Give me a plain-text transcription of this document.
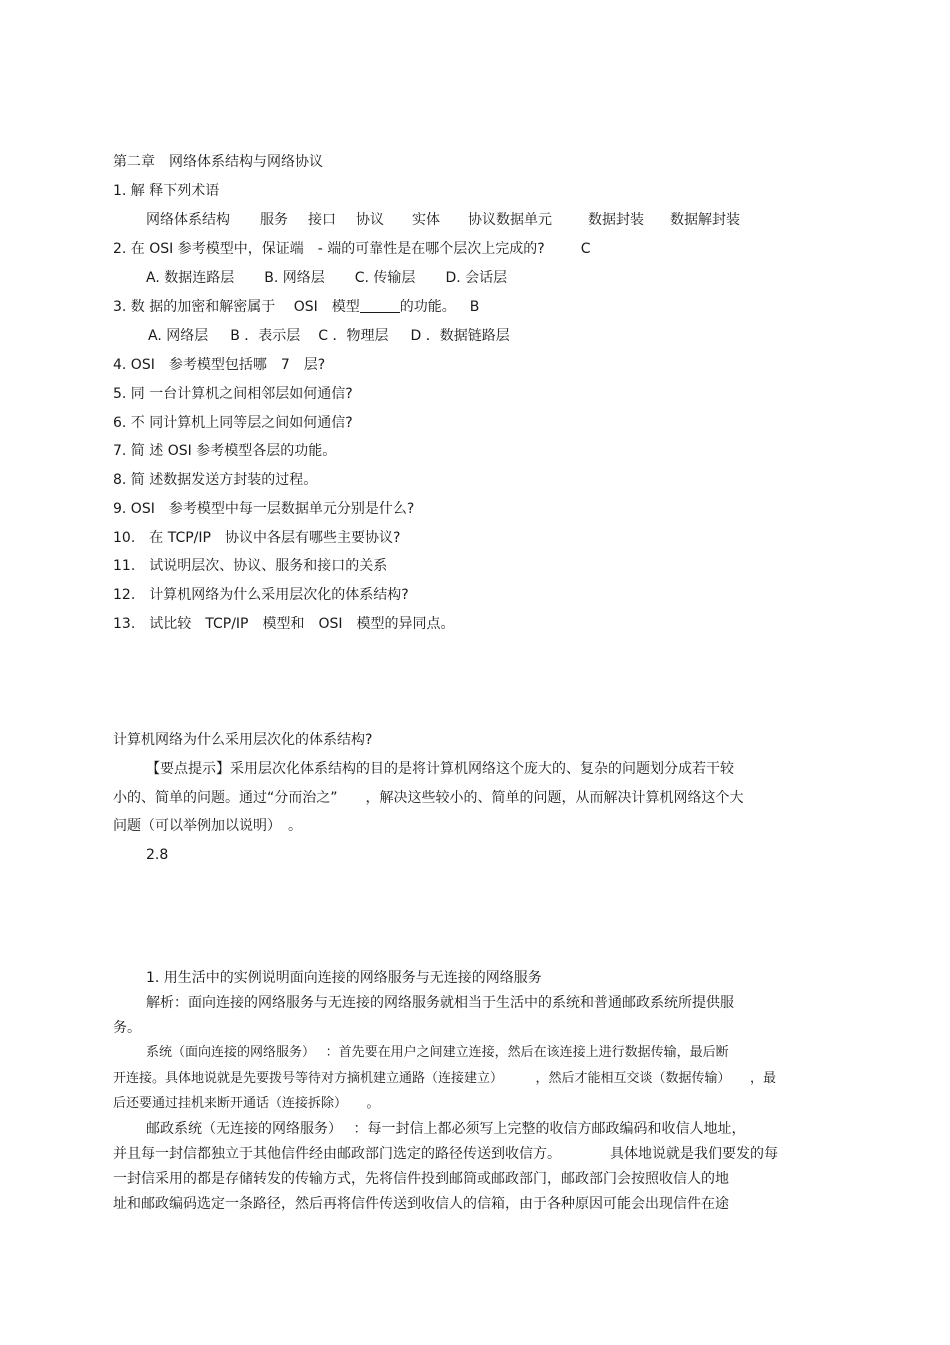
第二章　网络体系结构与网络协议
1. 解 释下列术语
网络体系结构 服务 接口 协议 实体 协议数据单元	数据封装 数据解封装
2. 在 OSI 参考模型中，保证端　- 端的可靠性是在哪个层次上完成的?	C
A. 数据连路层 B. 网络层 C. 传输层 D. 会话层
3. 数 据的加密和解密属于　 OSI　模型	的功能。 B
A. 网络层 B ．表示层 C ．物理层 D ．数据链路层
4. OSI　参考模型包括哪　7　层?
5. 同 一台计算机之间相邻层如何通信?
6. 不 同计算机上同等层之间如何通信?
7. 简 述 OSI 参考模型各层的功能。
8. 简 述数据发送方封装的过程。
9. OSI　参考模型中每一层数据单元分别是什么?
10.　在 TCP/IP　协议中各层有哪些主要协议?
11.　试说明层次、协议、服务和接口的关系
12.　计算机网络为什么采用层次化的体系结构?
13.　试比较　TCP/IP　模型和　OSI　模型的异同点。
计算机网络为什么采用层次化的体系结构?
【要点提示】采用层次化体系结构的目的是将计算机网络这个庞大的、复杂的问题划分成若干较
小的、简单的问题。通过“分而治之”　　，解决这些较小的、简单的问题，从而解决计算机网络这个大
问题（可以举例加以说明）　。
2.8
1. 用生活中的实例说明面向连接的网络服务与无连接的网络服务
解析：面向连接的网络服务与无连接的网络服务就相当于生活中的系统和普通邮政系统所提供服
务。
系统（面向连接的网络服务）　 ：首先要在用户之间建立连接，然后在该连接上进行数据传输，最后断
开连接。具体地说就是先要拨号等待对方摘机建立通路（连接建立）　　　，然后才能相互交谈（数据传输）　　，最
后还要通过挂机来断开通话（连接拆除）　　。
邮政系统（无连接的网络服务）　 ：每一封信上都必须写上完整的收信方邮政编码和收信人地址，
并且每一封信都独立于其他信件经由邮政部门选定的路径传送到收信方。　　　　具体地说就是我们要发的每
一封信采用的都是存储转发的传输方式，先将信件投到邮筒或邮政部门，邮政部门会按照收信人的地
址和邮政编码选定一条路径，然后再将信件传送到收信人的信箱，由于各种原因可能会出现信件在途
